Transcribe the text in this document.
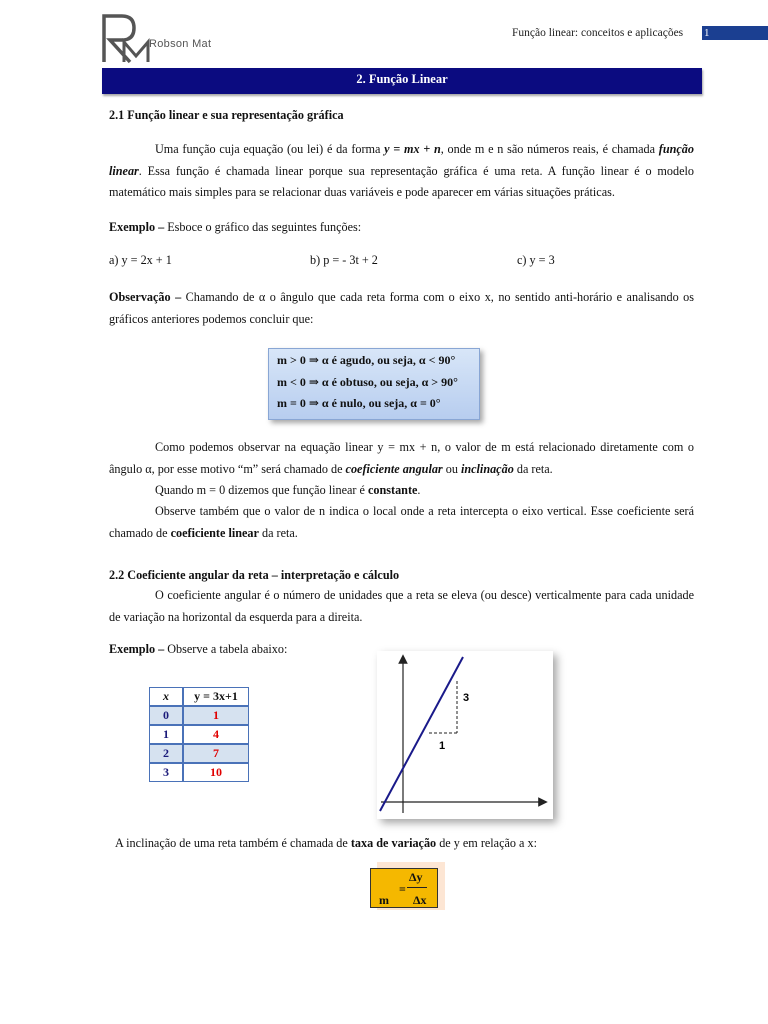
Robson Mat
Função linear: conceitos e aplicações 1
2. Função Linear
2.1 Função linear e sua representação gráfica
Uma função cuja equação (ou lei) é da forma y = mx + n, onde m e n são números reais, é chamada função linear. Essa função é chamada linear porque sua representação gráfica é uma reta. A função linear é o modelo matemático mais simples para se relacionar duas variáveis e pode aparecer em várias situações práticas.
Exemplo – Esboce o gráfico das seguintes funções:
a) y = 2x + 1	b) p = - 3t + 2	c) y = 3
Observação – Chamando de α o ângulo que cada reta forma com o eixo x, no sentido anti-horário e analisando os gráficos anteriores podemos concluir que:
m > 0 ⇒ α é agudo, ou seja, α < 90°
m < 0 ⇒ α é obtuso, ou seja, α > 90°
m = 0 ⇒ α é nulo, ou seja, α = 0°
Como podemos observar na equação linear y = mx + n, o valor de m está relacionado diretamente com o ângulo α, por esse motivo “m” será chamado de coeficiente angular ou inclinação da reta.
Quando m = 0 dizemos que função linear é constante.
Observe também que o valor de n indica o local onde a reta intercepta o eixo vertical. Esse coeficiente será chamado de coeficiente linear da reta.
2.2 Coeficiente angular da reta – interpretação e cálculo
O coeficiente angular é o número de unidades que a reta se eleva (ou desce) verticalmente para cada unidade de variação na horizontal da esquerda para a direita.
Exemplo – Observe a tabela abaixo:
x	y = 3x+1
0	1
1	4
2	7
3	10
3
1
A inclinação de uma reta também é chamada de taxa de variação de y em relação a x:
m
=
Δy
Δx
